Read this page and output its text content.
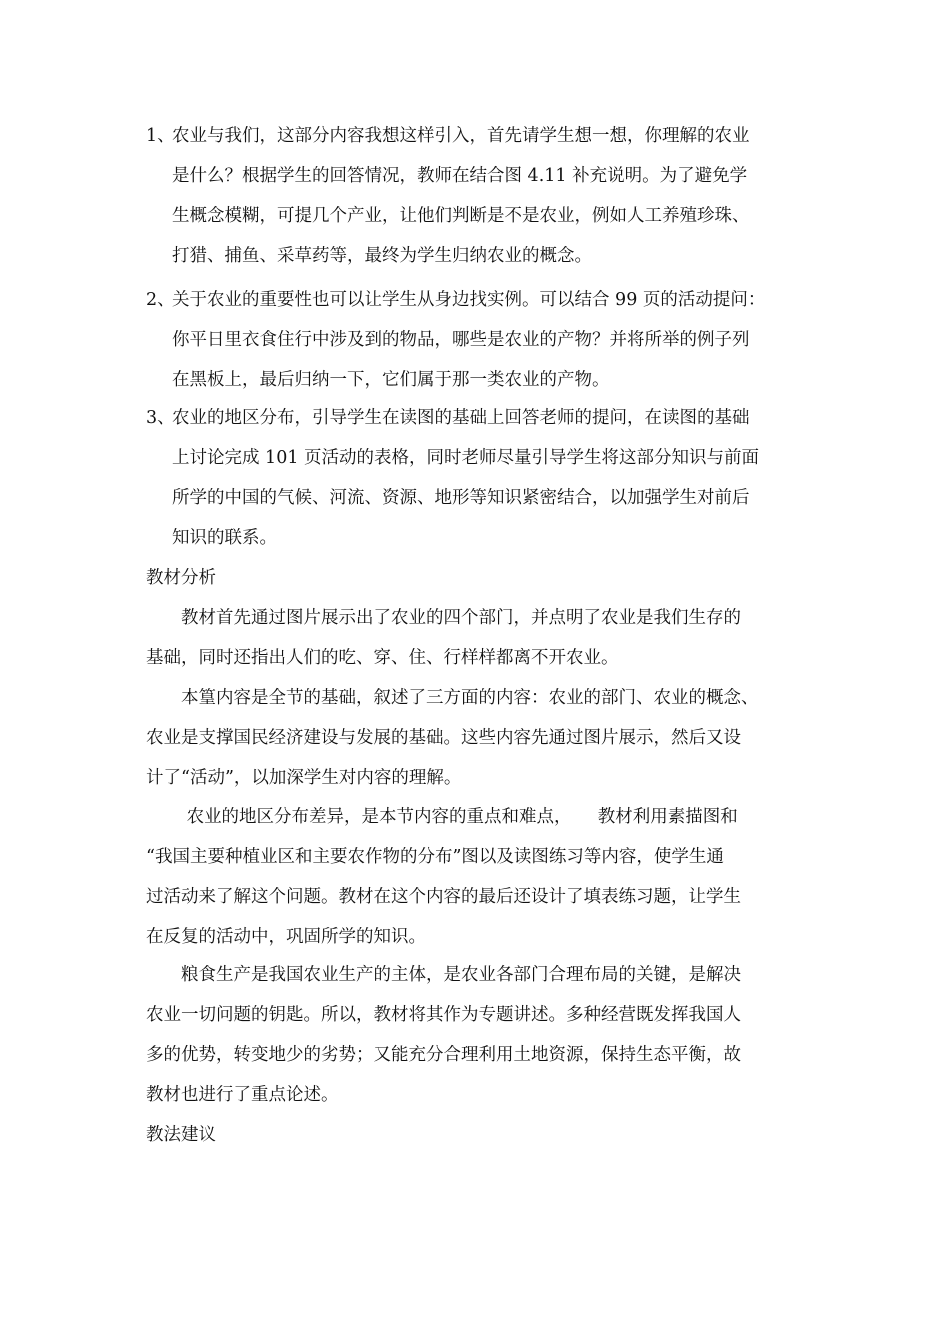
1、
农业与我们，这部分内容我想这样引入，首先请学生想一想，你理解的农业
是什么？根据学生的回答情况，教师在结合图 4.11 补充说明。为了避免学
生概念模糊，可提几个产业，让他们判断是不是农业，例如人工养殖珍珠、
打猎、捕鱼、采草药等，最终为学生归纳农业的概念。
2、
关于农业的重要性也可以让学生从身边找实例。可以结合 99 页的活动提问：
你平日里衣食住行中涉及到的物品，哪些是农业的产物？并将所举的例子列
在黑板上，最后归纳一下，它们属于那一类农业的产物。
3、
农业的地区分布，引导学生在读图的基础上回答老师的提问，在读图的基础
上讨论完成 101 页活动的表格，同时老师尽量引导学生将这部分知识与前面
所学的中国的气候、河流、资源、地形等知识紧密结合，以加强学生对前后
知识的联系。
教材分析
　　教材首先通过图片展示出了农业的四个部门，并点明了农业是我们生存的
基础，同时还指出人们的吃、穿、住、行样样都离不开农业。
　　本篁内容是全节的基础，叙述了三方面的内容：农业的部门、农业的概念、
农业是支撑国民经济建设与发展的基础。这些内容先通过图片展示，然后又设
计了“活动”，以加深学生对内容的理解。
　　 农业的地区分布差异，是本节内容的重点和难点，　　教材利用素描图和
“我国主要种植业区和主要农作物的分布”图以及读图练习等内容，使学生通
过活动来了解这个问题。教材在这个内容的最后还设计了填表练习题，让学生
在反复的活动中，巩固所学的知识。
　　粮食生产是我国农业生产的主体，是农业各部门合理布局的关键，是解决
农业一切问题的钥匙。所以，教材将其作为专题讲述。多种经营既发挥我国人
多的优势，转变地少的劣势；又能充分合理利用土地资源，保持生态平衡，故
教材也进行了重点论述。
教法建议
